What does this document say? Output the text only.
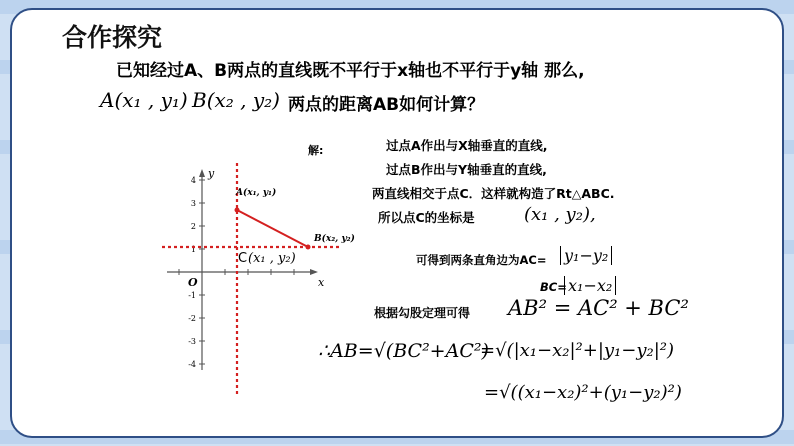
合作探究
已知经过A、B两点的直线既不平行于x轴也不平行于y轴 那么,
A(x₁ , y₁) B(x₂ , y₂) 两点的距离AB如何计算？
4
3
2
1
-1
-2
-3
-4
y
x
O
A(x₁, y₁)
B(x₂, y₂)
C (x₁ , y₂)
解:	过点A作出与X轴垂直的直线,
过点B作出与Y轴垂直的直线,
两直线相交于点C．这样就构造了Rt△ABC.
所以点C的坐标是	(x₁ , y₂),
可得到两条直角边为AC= y₁−y₂
BC= x₁−x₂
根据勾股定理可得 AB² = AC² + BC²
∴AB=√(BC²+AC²)
=√(|x₁−x₂|²+|y₁−y₂|²)
=√((x₁−x₂)²+(y₁−y₂)²)
